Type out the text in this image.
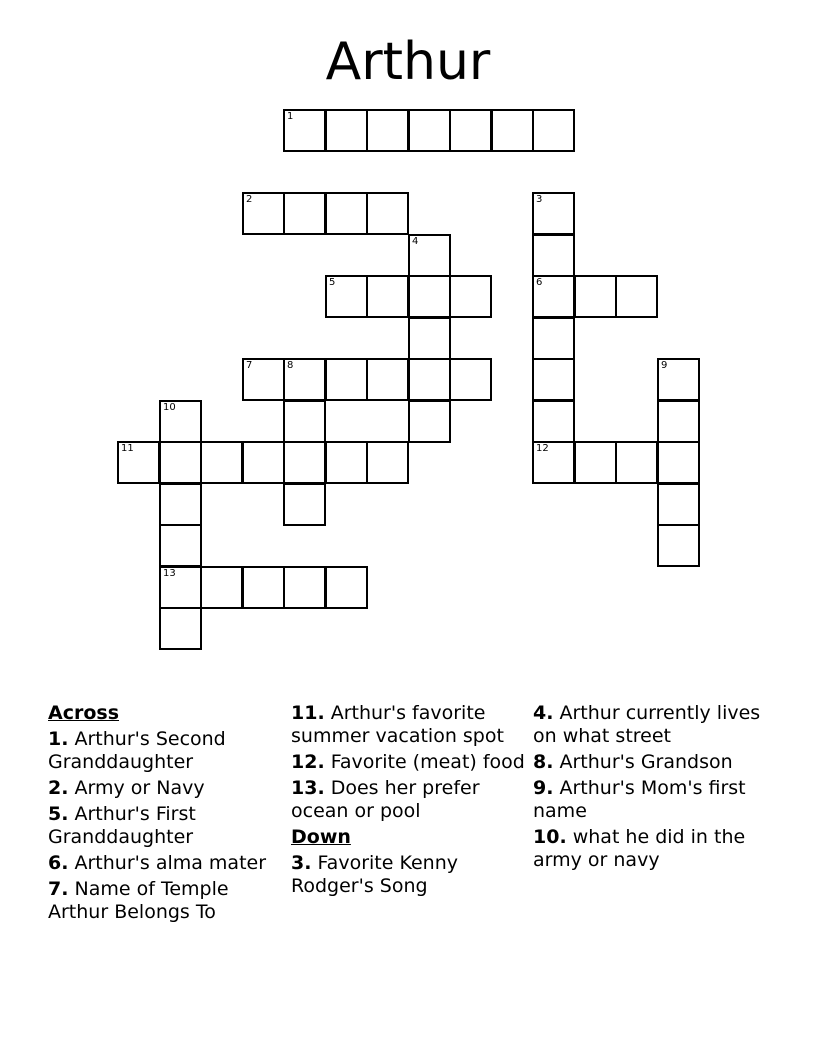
Arthur
1
2	3
6
12
4
5
7	8	9
10
13
11
Across
1. Arthur's Second Granddaughter
2. Army or Navy
5. Arthur's First Granddaughter
6. Arthur's alma mater
7. Name of Temple Arthur Belongs To
11. Arthur's favorite summer vacation spot
12. Favorite (meat) food
13. Does her prefer ocean or pool
Down
3. Favorite Kenny Rodger's Song
4. Arthur currently lives on what street
8. Arthur's Grandson
9. Arthur's Mom's first name
10. what he did in the army or navy
